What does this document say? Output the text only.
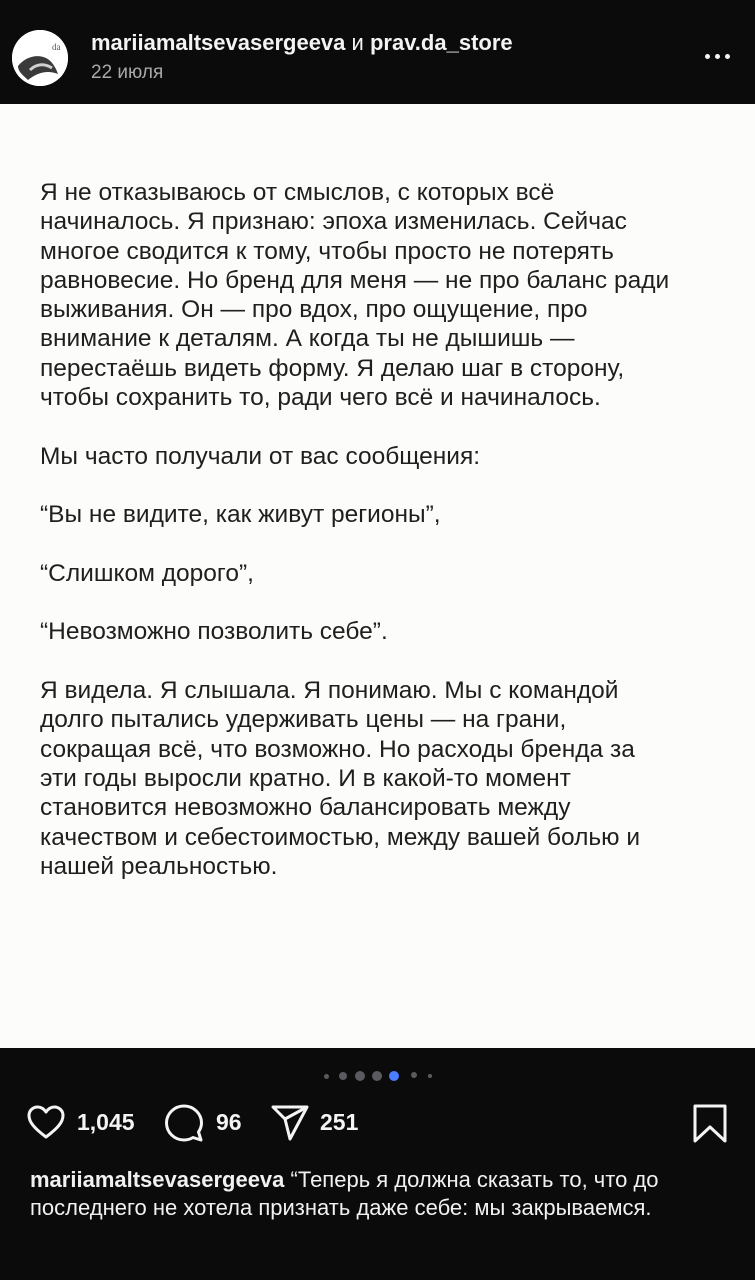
da mariiamaltsevasergeeva и prav.da_store
22 июля

Я не отказываюсь от смыслов, с которых всё
начиналось. Я признаю: эпоха изменилась. Сейчас
многое сводится к тому, чтобы просто не потерять
равновесие. Но бренд для меня — не про баланс ради
выживания. Он — про вдох, про ощущение, про
внимание к деталям. А когда ты не дышишь —
перестаёшь видеть форму. Я делаю шаг в сторону,
чтобы сохранить то, ради чего всё и начиналось.

Мы часто получали от вас сообщения:

“Вы не видите, как живут регионы”,

“Слишком дорого”,

“Невозможно позволить себе”.

Я видела. Я слышала. Я понимаю. Мы с командой
долго пытались удерживать цены — на грани,
сокращая всё, что возможно. Но расходы бренда за
эти годы выросли кратно. И в какой-то момент
становится невозможно балансировать между
качеством и себестоимостью, между вашей болью и
нашей реальностью.

1,045	96	251
mariiamaltsevasergeeva “Теперь я должна сказать то, что до последнего не хотела признать даже себе: мы закрываемся.
